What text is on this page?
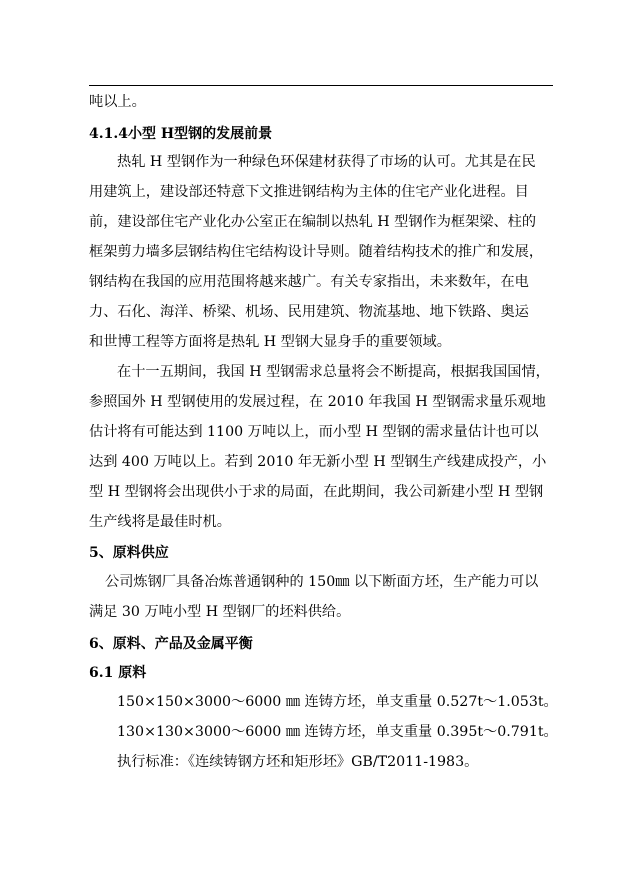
吨以上。

4.1.4小型 H型钢的发展前景

热轧 H 型钢作为一种绿色环保建材获得了市场的认可。尤其是在民

用建筑上，建设部还特意下文推进钢结构为主体的住宅产业化进程。目

前，建设部住宅产业化办公室正在编制以热轧 H 型钢作为框架梁、柱的

框架剪力墙多层钢结构住宅结构设计导则。随着结构技术的推广和发展，

钢结构在我国的应用范围将越来越广。有关专家指出，未来数年，在电

力、石化、海洋、桥梁、机场、民用建筑、物流基地、地下铁路、奥运

和世博工程等方面将是热轧 H 型钢大显身手的重要领域。

在十一五期间，我国 H 型钢需求总量将会不断提高，根据我国国情，

参照国外 H 型钢使用的发展过程，在 2010 年我国 H 型钢需求量乐观地

估计将有可能达到 1100 万吨以上，而小型 H 型钢的需求量估计也可以

达到 400 万吨以上。若到 2010 年无新小型 H 型钢生产线建成投产，小

型 H 型钢将会出现供小于求的局面，在此期间，我公司新建小型 H 型钢

生产线将是最佳时机。

5、原料供应

公司炼钢厂具备冶炼普通钢种的 150㎜ 以下断面方坯，生产能力可以

满足 30 万吨小型 H 型钢厂的坯料供给。

6、原料、产品及金属平衡

6.1 原料

150×150×3000～6000 ㎜ 连铸方坯，单支重量 0.527t～1.053t。

130×130×3000～6000 ㎜ 连铸方坯，单支重量 0.395t～0.791t。

执行标准：《连续铸钢方坯和矩形坯》GB/T2011-1983。
